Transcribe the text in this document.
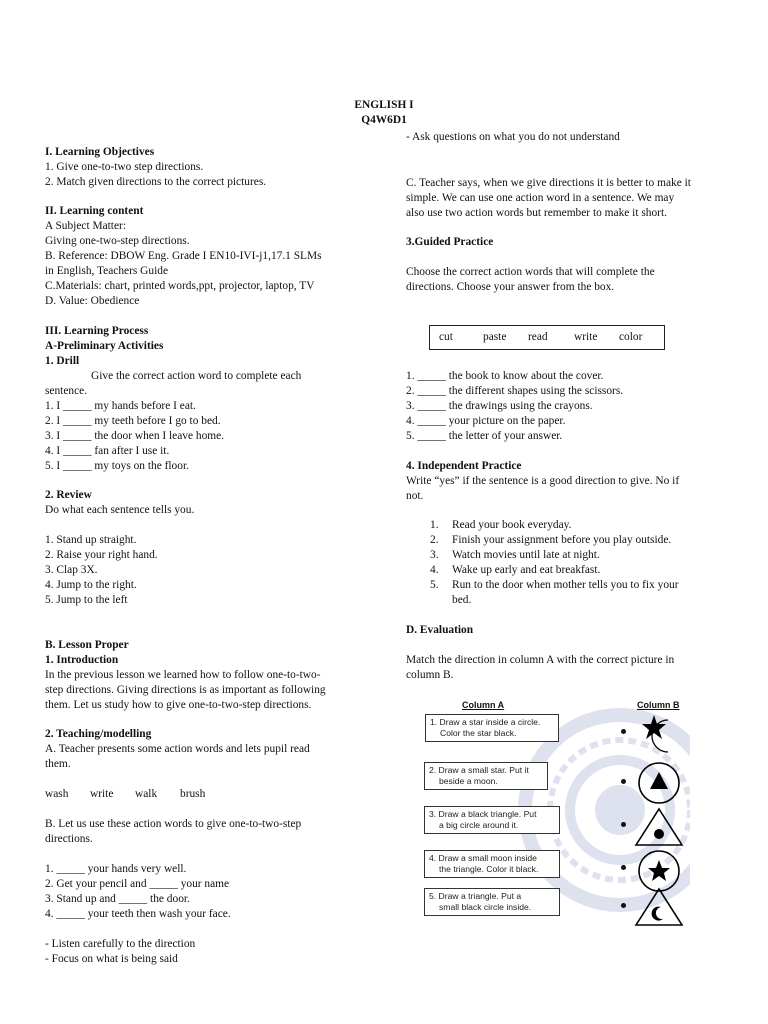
ENGLISH I
Q4W6D1
I. Learning Objectives
1. Give one-to-two step directions.
2. Match given directions to the correct pictures.
II. Learning content
A Subject Matter:
Giving one-two-step directions.
B. Reference: DBOW Eng. Grade I EN10-IVI-j1,17.1 SLMs
in English, Teachers Guide
C.Materials: chart, printed words,ppt, projector, laptop, TV
D. Value: Obedience
III. Learning Process
A-Preliminary Activities
1. Drill
Give the correct action word to complete each
sentence.
1. I _____ my hands before I eat.
2. I _____ my teeth before I go to bed.
3. I _____ the door when I leave home.
4. I _____ fan after I use it.
5. I _____ my toys on the floor.
2. Review
Do what each sentence tells you.
1. Stand up straight.
2. Raise your right hand.
3. Clap 3X.
4. Jump to the right.
5. Jump to the left
B. Lesson Proper
1. Introduction
In the previous lesson we learned how to follow one-to-two-
step directions. Giving directions is as important as following
them. Let us study how to give one-to-two-step directions.
2. Teaching/modelling
A. Teacher presents some action words and lets pupil read
them.
wash write walk brush
B. Let us use these action words to give one-to-two-step
directions.
1. _____ your hands very well.
2. Get your pencil and _____ your name
3. Stand up and _____ the door.
4. _____ your teeth then wash your face.
- Listen carefully to the direction
- Focus on what is being said
- Ask questions on what you do not understand
C. Teacher says, when we give directions it is better to make it
simple. We can use one action word in a sentence. We may
also use two action words but remember to make it short.
3.Guided Practice
Choose the correct action words that will complete the
directions. Choose your answer from the box.
cut	paste read write color
1. _____ the book to know about the cover.
2. _____ the different shapes using the scissors.
3. _____ the drawings using the crayons.
4. _____ your picture on the paper.
5. _____ the letter of your answer.
4. Independent Practice
Write “yes” if the sentence is a good direction to give. No if
not.
1. Read your book everyday.
2. Finish your assignment before you play outside.
3. Watch movies until late at night.
4. Wake up early and eat breakfast.
5. Run to the door when mother tells you to fix your
bed.
D. Evaluation
Match the direction in column A with the correct picture in
column B.
Column A	Column B
1. Draw a star inside a circle.
Color the star black.
2. Draw a small star. Put it
beside a moon.
3. Draw a black triangle. Put
a big circle around it.
4. Draw a small moon inside
the triangle. Color it black.
5. Draw a triangle. Put a
small black circle inside.
